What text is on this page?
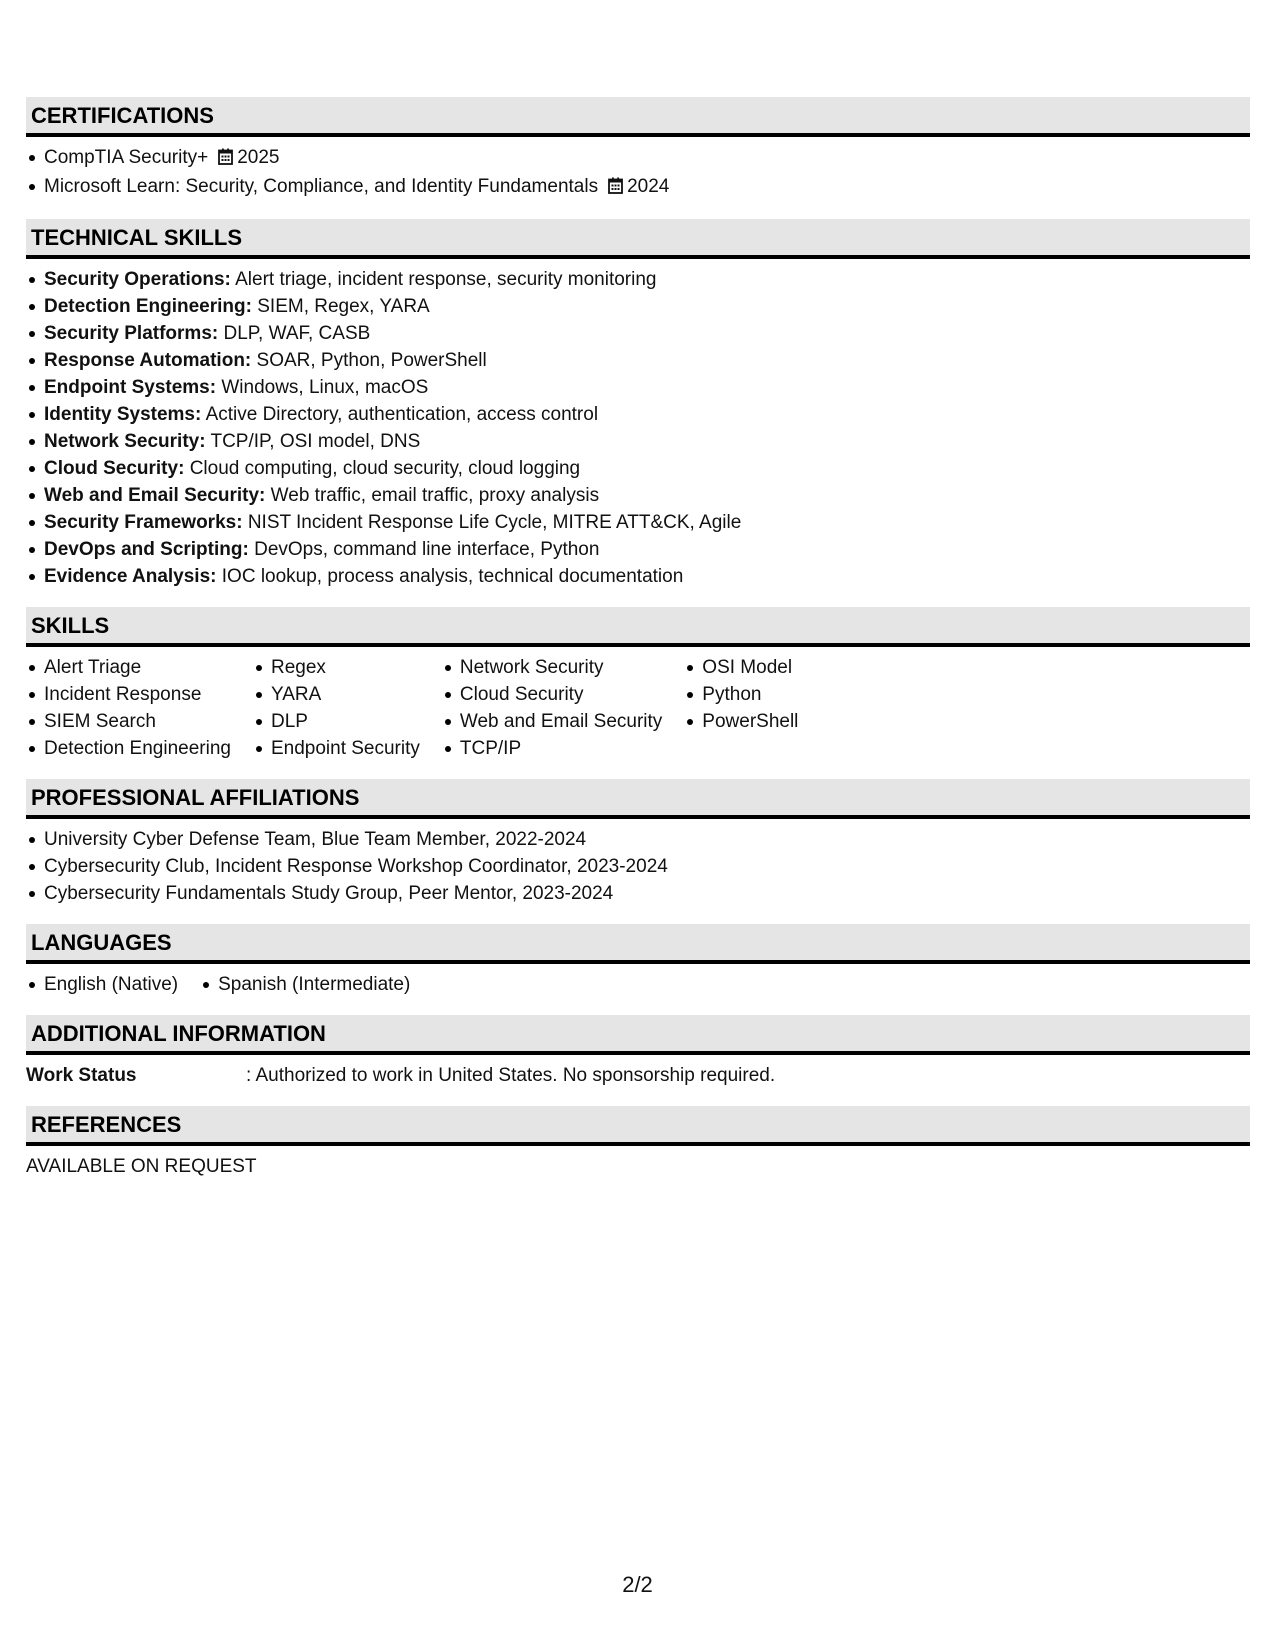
CERTIFICATIONS
CompTIA Security+ 2025
Microsoft Learn: Security, Compliance, and Identity Fundamentals 2024
TECHNICAL SKILLS
Security Operations: Alert triage, incident response, security monitoring
Detection Engineering: SIEM, Regex, YARA
Security Platforms: DLP, WAF, CASB
Response Automation: SOAR, Python, PowerShell
Endpoint Systems: Windows, Linux, macOS
Identity Systems: Active Directory, authentication, access control
Network Security: TCP/IP, OSI model, DNS
Cloud Security: Cloud computing, cloud security, cloud logging
Web and Email Security: Web traffic, email traffic, proxy analysis
Security Frameworks: NIST Incident Response Life Cycle, MITRE ATT&CK, Agile
DevOps and Scripting: DevOps, command line interface, Python
Evidence Analysis: IOC lookup, process analysis, technical documentation
SKILLS
Alert Triage
Incident Response
SIEM Search
Detection Engineering
Regex
YARA
DLP
Endpoint Security
Network Security
Cloud Security
Web and Email Security
TCP/IP
OSI Model
Python
PowerShell
PROFESSIONAL AFFILIATIONS
University Cyber Defense Team, Blue Team Member, 2022-2024
Cybersecurity Club, Incident Response Workshop Coordinator, 2023-2024
Cybersecurity Fundamentals Study Group, Peer Mentor, 2023-2024
LANGUAGES
English (Native)	Spanish (Intermediate)
ADDITIONAL INFORMATION
Work Status	: Authorized to work in United States. No sponsorship required.
REFERENCES
AVAILABLE ON REQUEST
2/2
